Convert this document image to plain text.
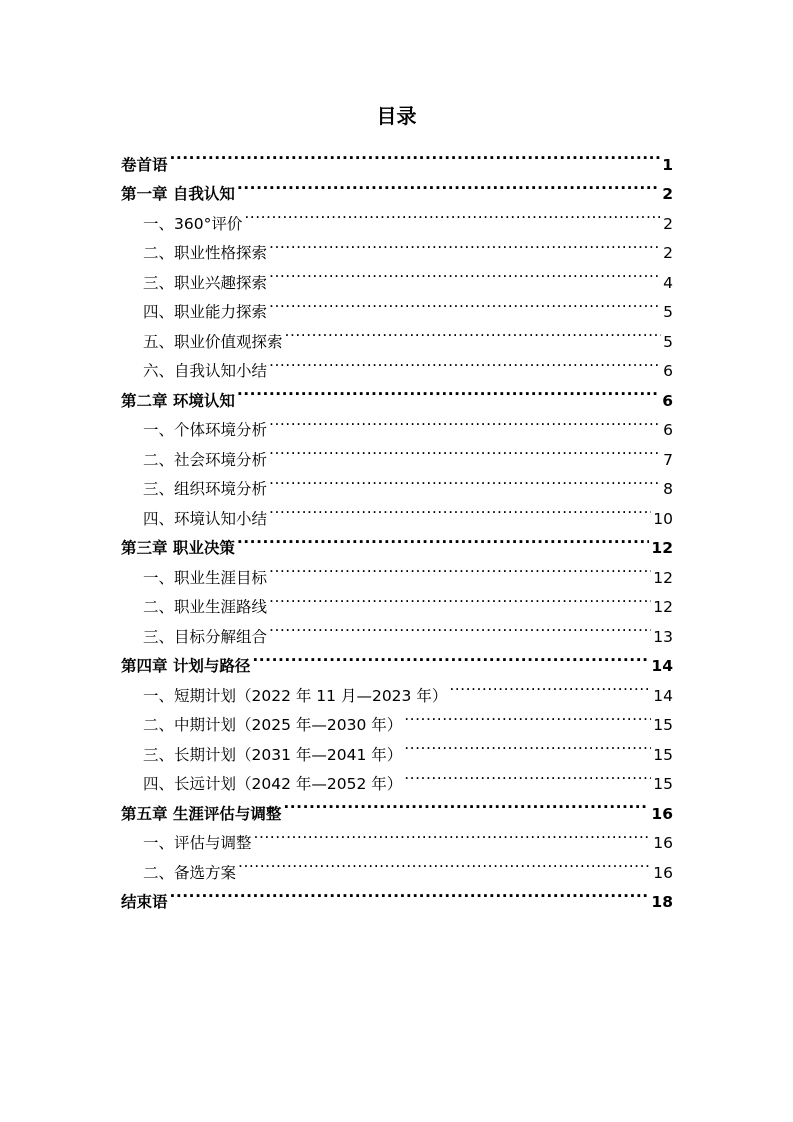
目录
卷首语 .....	1
第一章 自我认知 .....	2
一、360°评价 .....	2
二、职业性格探索 .....	2
三、职业兴趣探索 .....	4
四、职业能力探索 .....	5
五、职业价值观探索 .....	5
六、自我认知小结 .....	6
第二章 环境认知 .....	6
一、个体环境分析 .....	6
二、社会环境分析 .....	7
三、组织环境分析 .....	8
四、环境认知小结 .....	10
第三章 职业决策 .....	12
一、职业生涯目标 .....	12
二、职业生涯路线 .....	12
三、目标分解组合 .....	13
第四章 计划与路径 .....	14
一、短期计划（2022 年 11 月—2023 年） .....	14
二、中期计划（2025 年—2030 年） .....	15
三、长期计划（2031 年—2041 年） .....	15
四、长远计划（2042 年—2052 年） .....	15
第五章 生涯评估与调整 .....	16
一、评估与调整 .....	16
二、备选方案 .....	16
结束语 .....	18
